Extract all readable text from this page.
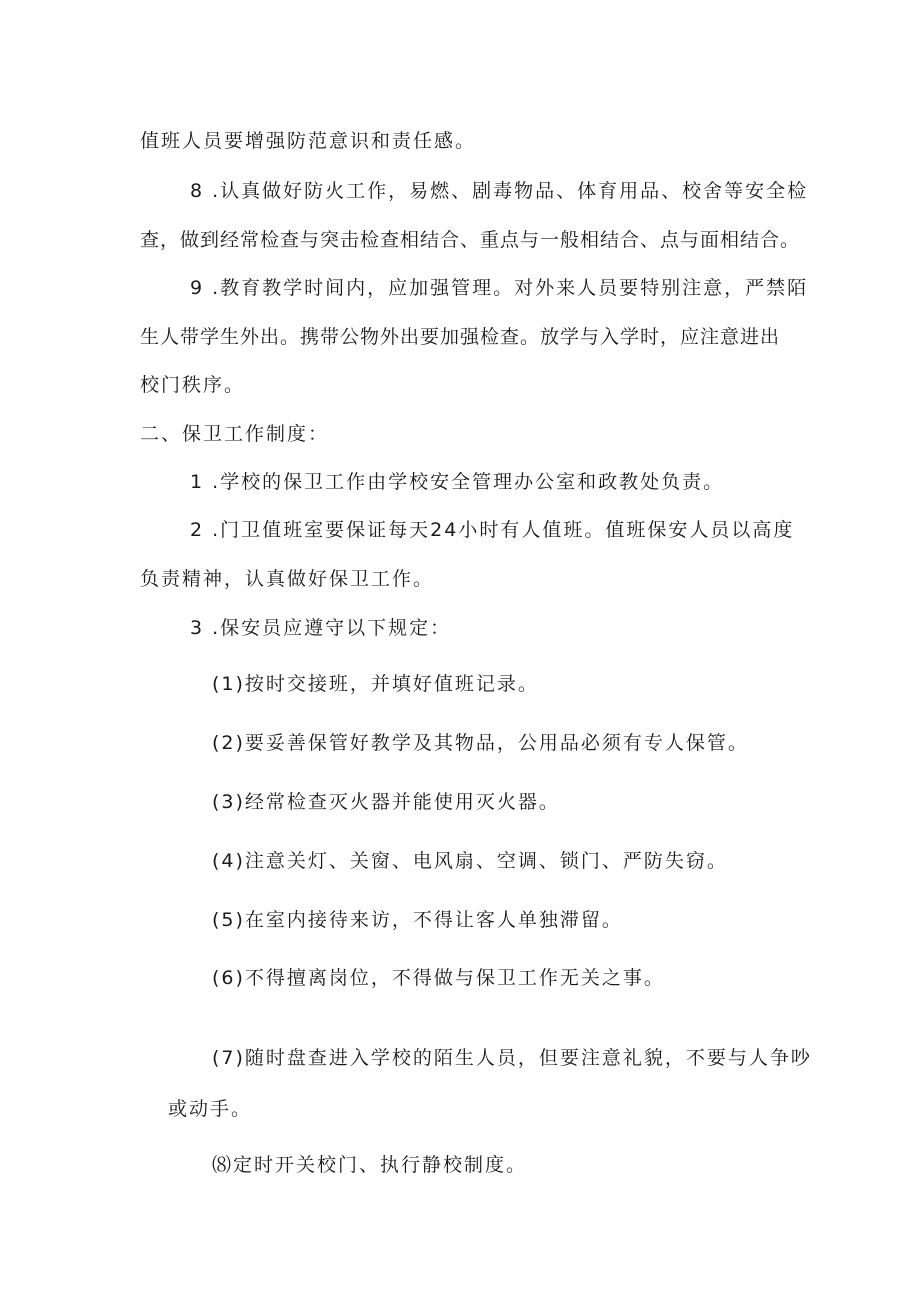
值班人员要增强防范意识和责任感。
8 .认真做好防火工作，易燃、剧毒物品、体育用品、校舍等安全检
查，做到经常检查与突击检查相结合、重点与一般相结合、点与面相结合。
9 .教育教学时间内，应加强管理。对外来人员要特别注意，严禁陌
生人带学生外出。携带公物外出要加强检查。放学与入学时，应注意进出
校门秩序。
二、保卫工作制度：
1 .学校的保卫工作由学校安全管理办公室和政教处负责。
2 .门卫值班室要保证每天24小时有人值班。值班保安人员以高度
负责精神，认真做好保卫工作。
3 .保安员应遵守以下规定：
(1)按时交接班，并填好值班记录。
(2)要妥善保管好教学及其物品，公用品必须有专人保管。
(3)经常检查灭火器并能使用灭火器。
(4)注意关灯、关窗、电风扇、空调、锁门、严防失窃。
(5)在室内接待来访，不得让客人单独滞留。
(6)不得擅离岗位，不得做与保卫工作无关之事。
(7)随时盘查进入学校的陌生人员，但要注意礼貌，不要与人争吵
或动手。
⑻定时开关校门、执行静校制度。
